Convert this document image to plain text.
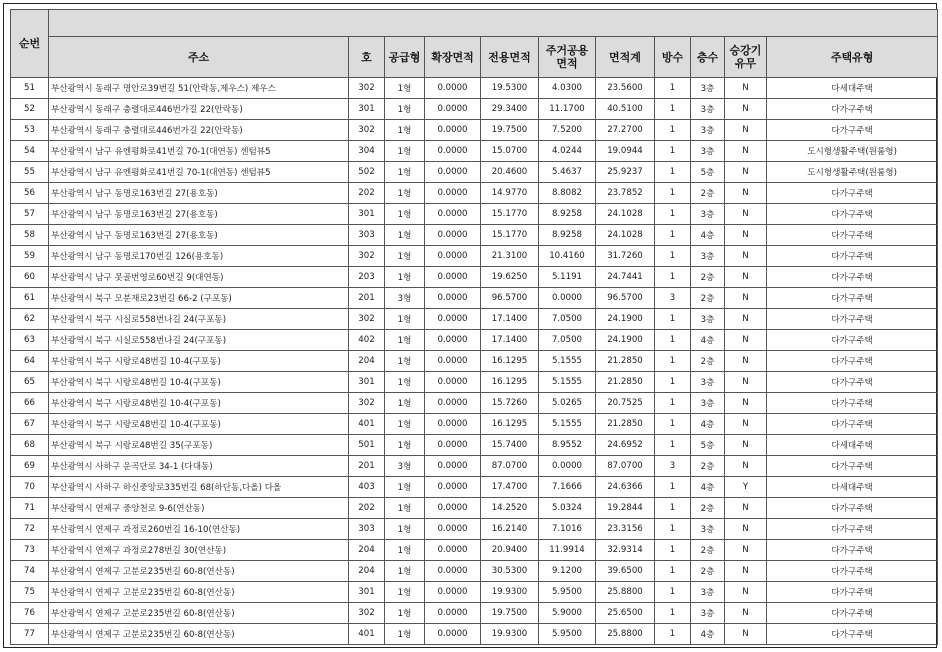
순번											
	주소	호	공급형	확장면적	전용면적	주거공용면적	면적계	방수	층수	승강기유무	주택유형
51	부산광역시 동래구 명안로39번길 51(안락동,제우스) 제우스	302	1형	0.0000	19.5300	4.0300	23.5600	1	3층	N	다세대주택
52	부산광역시 동래구 충렬대로446번가길 22(안락동)	301	1형	0.0000	29.3400	11.1700	40.5100	1	3층	N	다가구주택
53	부산광역시 동래구 충렬대로446번가길 22(안락동)	302	1형	0.0000	19.7500	7.5200	27.2700	1	3층	N	다가구주택
54	부산광역시 남구 유엔평화로41번길 70-1(대연동) 센텀뷰5	304	1형	0.0000	15.0700	4.0244	19.0944	1	3층	N	도시형생활주택(원룸형)
55	부산광역시 남구 유엔평화로41번길 70-1(대연동) 센텀뷰5	502	1형	0.0000	20.4600	5.4637	25.9237	1	5층	N	도시형생활주택(원룸형)
56	부산광역시 남구 동명로163번길 27(용호동)	202	1형	0.0000	14.9770	8.8082	23.7852	1	2층	N	다가구주택
57	부산광역시 남구 동명로163번길 27(용호동)	301	1형	0.0000	15.1770	8.9258	24.1028	1	3층	N	다가구주택
58	부산광역시 남구 동명로163번길 27(용호동)	303	1형	0.0000	15.1770	8.9258	24.1028	1	4층	N	다가구주택
59	부산광역시 남구 동명로170번길 126(용호동)	302	1형	0.0000	21.3100	10.4160	31.7260	1	3층	N	다가구주택
60	부산광역시 남구 못골번영로60번길 9(대연동)	203	1형	0.0000	19.6250	5.1191	24.7441	1	2층	N	다가구주택
61	부산광역시 북구 모분재로23번길 66-2 (구포동)	201	3형	0.0000	96.5700	0.0000	96.5700	3	2층	N	다가구주택
62	부산광역시 북구 시실로558번나길 24(구포동)	302	1형	0.0000	17.1400	7.0500	24.1900	1	3층	N	다가구주택
63	부산광역시 북구 시실로558번나길 24(구포동)	402	1형	0.0000	17.1400	7.0500	24.1900	1	4층	N	다가구주택
64	부산광역시 북구 시랑로48번길 10-4(구포동)	204	1형	0.0000	16.1295	5.1555	21.2850	1	2층	N	다가구주택
65	부산광역시 북구 시랑로48번길 10-4(구포동)	301	1형	0.0000	16.1295	5.1555	21.2850	1	3층	N	다가구주택
66	부산광역시 북구 시랑로48번길 10-4(구포동)	302	1형	0.0000	15.7260	5.0265	20.7525	1	3층	N	다가구주택
67	부산광역시 북구 시랑로48번길 10-4(구포동)	401	1형	0.0000	16.1295	5.1555	21.2850	1	4층	N	다가구주택
68	부산광역시 북구 시랑로48번길 35(구포동)	501	1형	0.0000	15.7400	8.9552	24.6952	1	5층	N	다세대주택
69	부산광역시 사하구 운곡단로 34-1 (다대동)	201	3형	0.0000	87.0700	0.0000	87.0700	3	2층	N	다가구주택
70	부산광역시 사하구 하신중앙로335번길 68(하단동,다올) 다올	403	1형	0.0000	17.4700	7.1666	24.6366	1	4층	Y	다세대주택
71	부산광역시 연제구 중앙천로 9-6(연산동)	202	1형	0.0000	14.2520	5.0324	19.2844	1	2층	N	다가구주택
72	부산광역시 연제구 과정로260번길 16-10(연산동)	303	1형	0.0000	16.2140	7.1016	23.3156	1	3층	N	다가구주택
73	부산광역시 연제구 과정로278번길 30(연산동)	204	1형	0.0000	20.9400	11.9914	32.9314	1	2층	N	다가구주택
74	부산광역시 연제구 고분로235번길 60-8(연산동)	204	1형	0.0000	30.5300	9.1200	39.6500	1	2층	N	다가구주택
75	부산광역시 연제구 고분로235번길 60-8(연산동)	301	1형	0.0000	19.9300	5.9500	25.8800	1	3층	N	다가구주택
76	부산광역시 연제구 고분로235번길 60-8(연산동)	302	1형	0.0000	19.7500	5.9000	25.6500	1	3층	N	다가구주택
77	부산광역시 연제구 고분로235번길 60-8(연산동)	401	1형	0.0000	19.9300	5.9500	25.8800	1	4층	N	다가구주택
